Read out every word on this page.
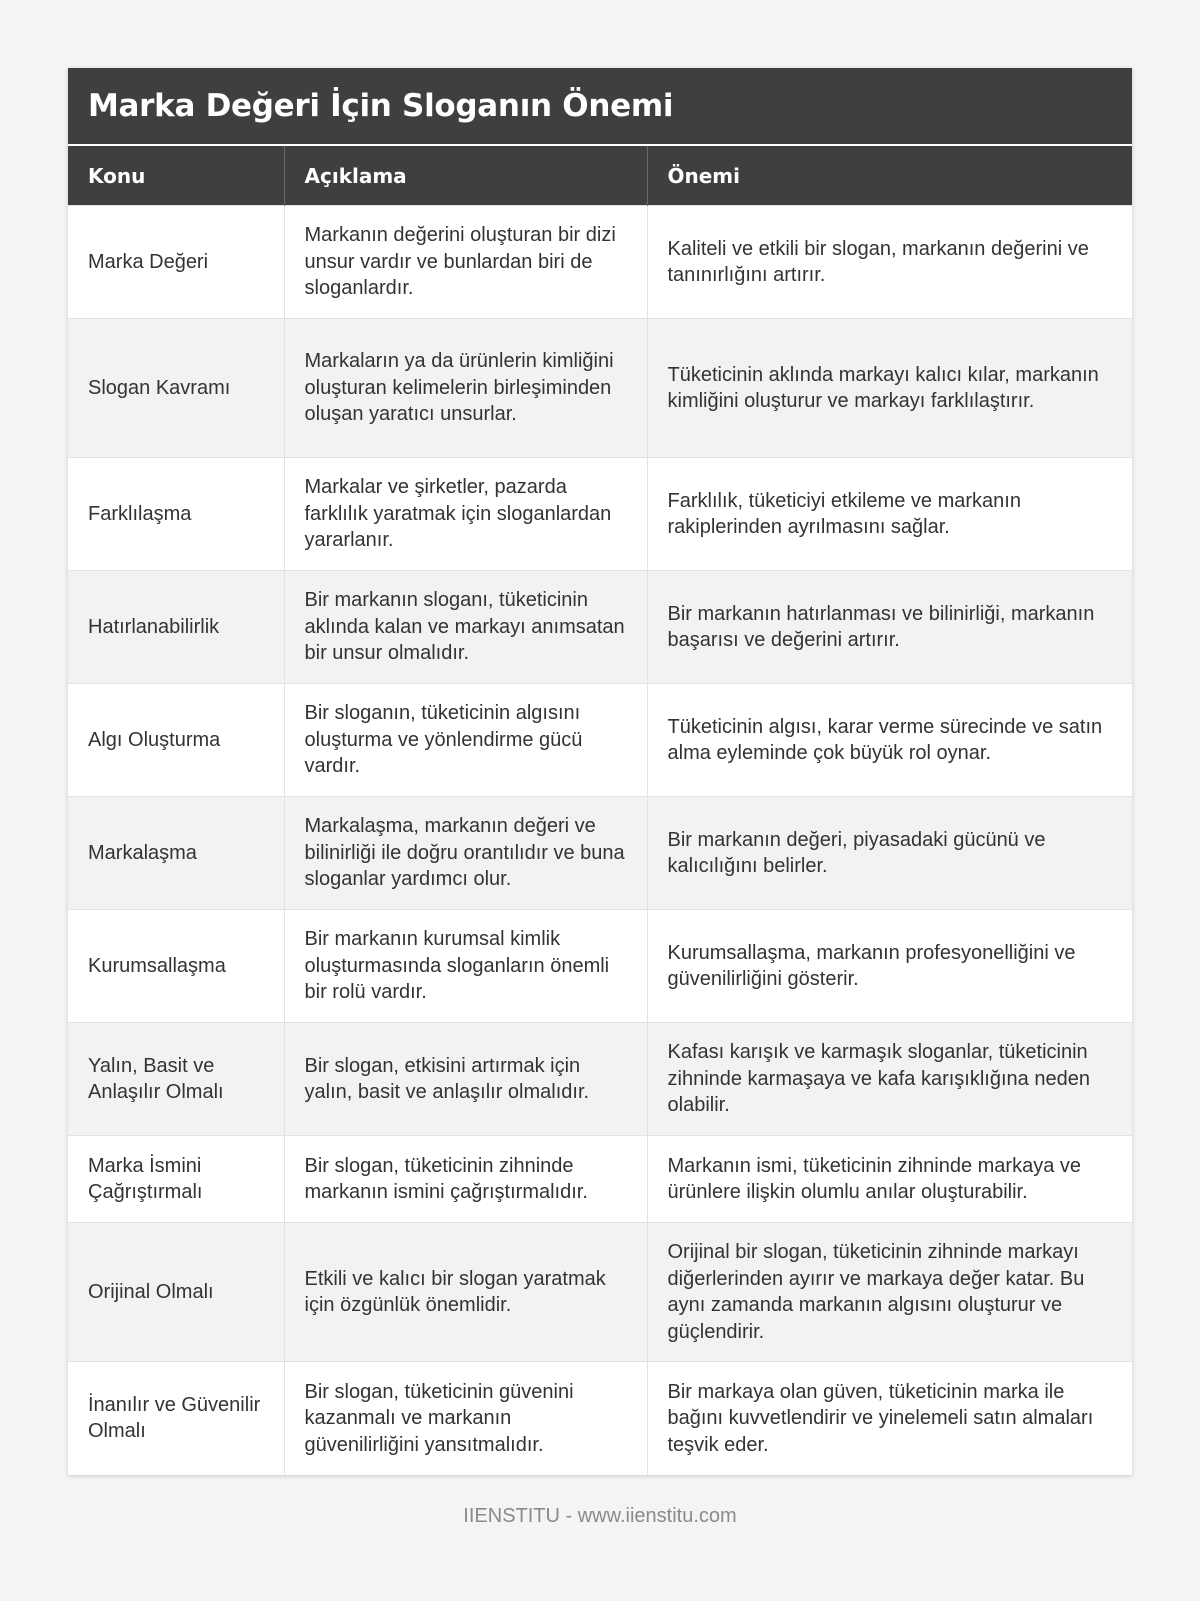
Marka Değeri İçin Sloganın Önemi
Konu	Açıklama	Önemi
Marka Değeri	Markanın değerini oluşturan bir dizi unsur vardır ve bunlardan biri de sloganlardır.	Kaliteli ve etkili bir slogan, markanın değerini ve tanınırlığını artırır.
Slogan Kavramı	Markaların ya da ürünlerin kimliğini oluşturan kelimelerin birleşiminden oluşan yaratıcı unsurlar.	Tüketicinin aklında markayı kalıcı kılar, markanın kimliğini oluşturur ve markayı farklılaştırır.
Farklılaşma	Markalar ve şirketler, pazarda farklılık yaratmak için sloganlardan yararlanır.	Farklılık, tüketiciyi etkileme ve markanın rakiplerinden ayrılmasını sağlar.
Hatırlanabilirlik	Bir markanın sloganı, tüketicinin aklında kalan ve markayı anımsatan bir unsur olmalıdır.	Bir markanın hatırlanması ve bilinirliği, markanın başarısı ve değerini artırır.
Algı Oluşturma	Bir sloganın, tüketicinin algısını oluşturma ve yönlendirme gücü vardır.	Tüketicinin algısı, karar verme sürecinde ve satın alma eyleminde çok büyük rol oynar.
Markalaşma	Markalaşma, markanın değeri ve bilinirliği ile doğru orantılıdır ve buna sloganlar yardımcı olur.	Bir markanın değeri, piyasadaki gücünü ve kalıcılığını belirler.
Kurumsallaşma	Bir markanın kurumsal kimlik oluşturmasında sloganların önemli bir rolü vardır.	Kurumsallaşma, markanın profesyonelliğini ve güvenilirliğini gösterir.
Yalın, Basit ve Anlaşılır Olmalı	Bir slogan, etkisini artırmak için yalın, basit ve anlaşılır olmalıdır.	Kafası karışık ve karmaşık sloganlar, tüketicinin zihninde karmaşaya ve kafa karışıklığına neden olabilir.
Marka İsmini Çağrıştırmalı	Bir slogan, tüketicinin zihninde markanın ismini çağrıştırmalıdır.	Markanın ismi, tüketicinin zihninde markaya ve ürünlere ilişkin olumlu anılar oluşturabilir.
Orijinal Olmalı	Etkili ve kalıcı bir slogan yaratmak için özgünlük önemlidir.	Orijinal bir slogan, tüketicinin zihninde markayı diğerlerinden ayırır ve markaya değer katar. Bu aynı zamanda markanın algısını oluşturur ve güçlendirir.
İnanılır ve Güvenilir Olmalı	Bir slogan, tüketicinin güvenini kazanmalı ve markanın güvenilirliğini yansıtmalıdır.	Bir markaya olan güven, tüketicinin marka ile bağını kuvvetlendirir ve yinelemeli satın almaları teşvik eder.
IIENSTITU - www.iienstitu.com
